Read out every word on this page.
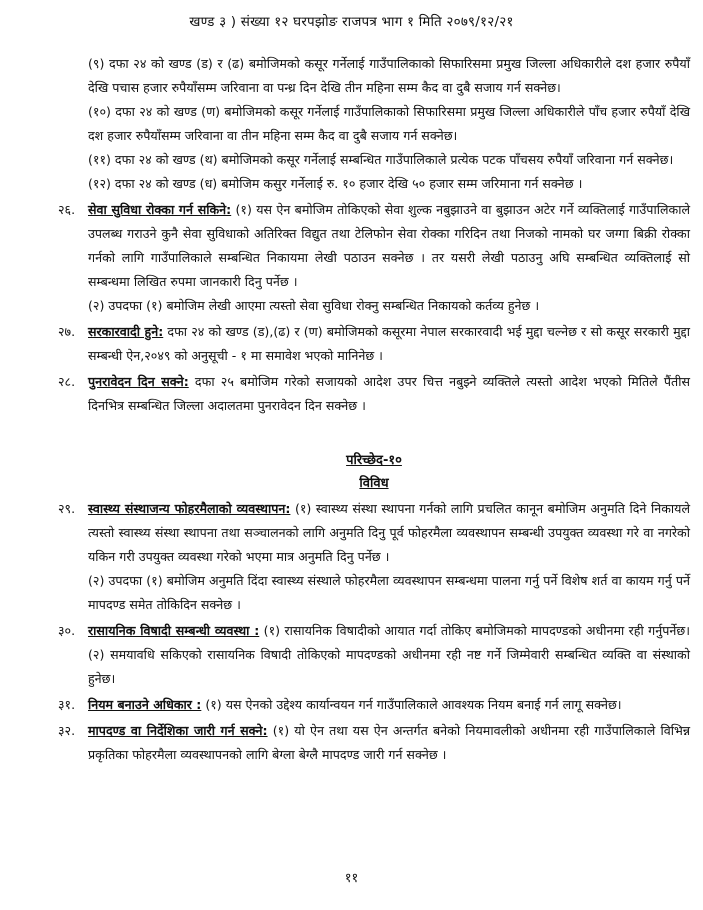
खण्ड ३ ) संख्या १२ घरपझोङ राजपत्र भाग १ मिति २०७९/१२/२१

(९) दफा २४ को खण्ड (ड) र (ढ) बमोजिमको कसूर गर्नेलाई गाउँपालिकाको सिफारिसमा प्रमुख जिल्ला अधिकारीले दश हजार रुपैयाँ देखि पचास हजार रुपैयाँसम्म जरिवाना वा पन्ध्र दिन देखि तीन महिना सम्म कैद वा दुबै सजाय गर्न सक्नेछ।

(१०) दफा २४ को खण्ड (ण) बमोजिमको कसूर गर्नेलाई गाउँपालिकाको सिफारिसमा प्रमुख जिल्ला अधिकारीले पाँच हजार रुपैयाँ देखि दश हजार रुपैयाँसम्म जरिवाना वा तीन महिना सम्म कैद वा दुबै सजाय गर्न सक्नेछ।

(११) दफा २४ को खण्ड (थ) बमोजिमको कसूर गर्नेलाई सम्बन्धित गाउँपालिकाले प्रत्येक पटक पाँचसय रुपैयाँ जरिवाना गर्न सक्नेछ।

(१२) दफा २४ को खण्ड (ध) बमोजिम कसुर गर्नेलाई रु. १० हजार देखि ५० हजार सम्म जरिमाना गर्न सक्नेछ ।

२६. सेवा सुविधा रोक्का गर्न सकिने: (१) यस ऐन बमोजिम तोकिएको सेवा शुल्क नबुझाउने वा बुझाउन अटेर गर्ने व्यक्तिलाई गाउँपालिकाले उपलब्ध गराउने कुनै सेवा सुविधाको अतिरिक्त विद्युत तथा टेलिफोन सेवा रोक्का गरिदिन तथा निजको नामको घर जग्गा बिक्री रोक्का गर्नको लागि गाउँपालिकाले सम्बन्धित निकायमा लेखी पठाउन सक्नेछ । तर यसरी लेखी पठाउनु अघि सम्बन्धित व्यक्तिलाई सो सम्बन्धमा लिखित रुपमा जानकारी दिनु पर्नेछ ।

(२) उपदफा (१) बमोजिम लेखी आएमा त्यस्तो सेवा सुविधा रोक्नु सम्बन्धित निकायको कर्तव्य हुनेछ ।

२७. सरकारवादी हुने: दफा २४ को खण्ड (ड),(ढ) र (ण) बमोजिमको कसूरमा नेपाल सरकारवादी भई मुद्दा चल्नेछ र सो कसूर सरकारी मुद्दा सम्बन्धी ऐन,२०४९ को अनुसूची - १ मा समावेश भएको मानिनेछ ।

२८. पुनरावेदन दिन सक्ने: दफा २५ बमोजिम गरेको सजायको आदेश उपर चित्त नबुझ्ने व्यक्तिले त्यस्तो आदेश भएको मितिले पैंतीस दिनभित्र सम्बन्धित जिल्ला अदालतमा पुनरावेदन दिन सक्नेछ ।

परिच्छेद-१०
विविध

२९. स्वास्थ्य संस्थाजन्य फोहरमैलाको व्यवस्थापन: (१) स्वास्थ्य संस्था स्थापना गर्नको लागि प्रचलित कानून बमोजिम अनुमति दिने निकायले त्यस्तो स्वास्थ्य संस्था स्थापना तथा सञ्चालनको लागि अनुमति दिनु पूर्व फोहरमैला व्यवस्थापन सम्बन्धी उपयुक्त व्यवस्था गरे वा नगरेको यकिन गरी उपयुक्त व्यवस्था गरेको भएमा मात्र अनुमति दिनु पर्नेछ ।

(२) उपदफा (१) बमोजिम अनुमति दिंदा स्वास्थ्य संस्थाले फोहरमैला व्यवस्थापन सम्बन्धमा पालना गर्नु पर्ने विशेष शर्त वा कायम गर्नु पर्ने मापदण्ड समेत तोकिदिन सक्नेछ ।

३०. रासायनिक विषादी सम्बन्धी व्यवस्था : (१) रासायनिक विषादीको आयात गर्दा तोकिए बमोजिमको मापदण्डको अधीनमा रही गर्नुपर्नेछ। (२) समयावधि सकिएको रासायनिक विषादी तोकिएको मापदण्डको अधीनमा रही नष्ट गर्ने जिम्मेवारी सम्बन्धित व्यक्ति वा संस्थाको हुनेछ।

३१. नियम बनाउने अधिकार : (१) यस ऐनको उद्देश्य कार्यान्वयन गर्न गाउँपालिकाले आवश्यक नियम बनाई गर्न लागू सक्नेछ।

३२. मापदण्ड वा निर्देशिका जारी गर्न सक्ने: (१) यो ऐन तथा यस ऐन अन्तर्गत बनेको नियमावलीको अधीनमा रही गाउँपालिकाले विभिन्न प्रकृतिका फोहरमैला व्यवस्थापनको लागि बेग्ला बेग्लै मापदण्ड जारी गर्न सक्नेछ ।

११
